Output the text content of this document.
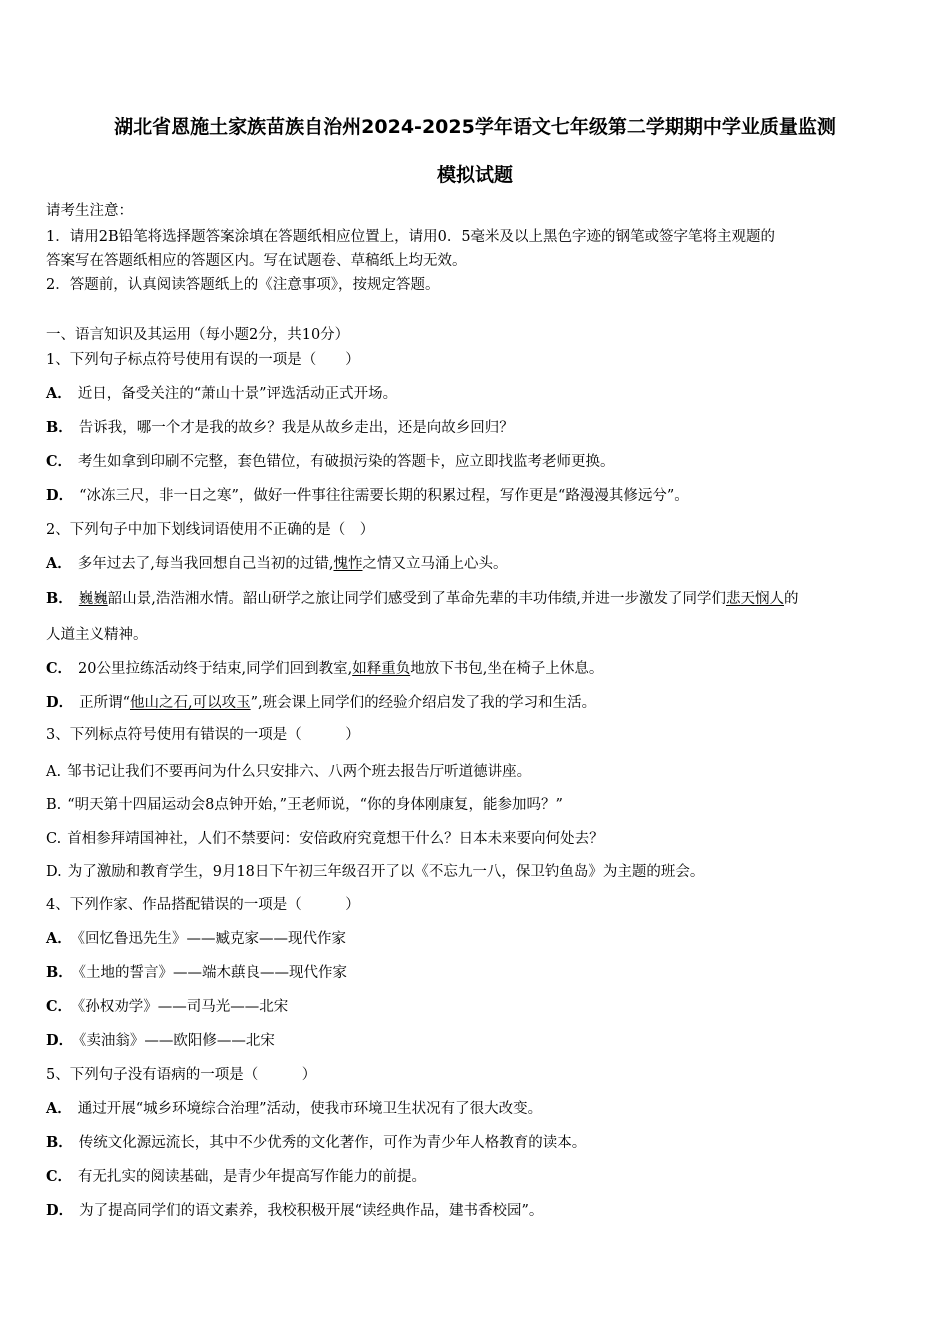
湖北省恩施土家族苗族自治州2024-2025学年语文七年级第二学期期中学业质量监测
模拟试题
请考生注意：
1．请用2B铅笔将选择题答案涂填在答题纸相应位置上，请用0．5毫米及以上黑色字迹的钢笔或签字笔将主观题的
答案写在答题纸相应的答题区内。写在试题卷、草稿纸上均无效。
2．答题前，认真阅读答题纸上的《注意事项》，按规定答题。
一、语言知识及其运用（每小题2分，共10分）
1、下列句子标点符号使用有误的一项是（　　）
A． 近日，备受关注的“萧山十景”评选活动正式开场。
B． 告诉我，哪一个才是我的故乡？我是从故乡走出，还是向故乡回归？
C． 考生如拿到印刷不完整，套色错位，有破损污染的答题卡，应立即找监考老师更换。
D． “冰冻三尺，非一日之寒”，做好一件事往往需要长期的积累过程，写作更是“路漫漫其修远兮”。
2、下列句子中加下划线词语使用不正确的是（　）
A． 多年过去了,每当我回想自己当初的过错,愧怍之情又立马涌上心头。
B． 巍巍韶山景,浩浩湘水情。韶山研学之旅让同学们感受到了革命先辈的丰功伟绩,并进一步激发了同学们悲天悯人的
人道主义精神。
C． 20公里拉练活动终于结束,同学们回到教室,如释重负地放下书包,坐在椅子上休息。
D． 正所谓“他山之石,可以攻玉”,班会课上同学们的经验介绍启发了我的学习和生活。
3、下列标点符号使用有错误的一项是（　　　）
A. 邹书记让我们不要再问为什么只安排六、八两个班去报告厅听道德讲座。
B. “明天第十四届运动会8点钟开始，”王老师说，“你的身体刚康复，能参加吗？”
C. 首相参拜靖国神社，人们不禁要问：安倍政府究竟想干什么？日本未来要向何处去？
D. 为了激励和教育学生，9月18日下午初三年级召开了以《不忘九一八，保卫钓鱼岛》为主题的班会。
4、下列作家、作品搭配错误的一项是（　　　）
A． 《回忆鲁迅先生》——臧克家——现代作家
B． 《土地的誓言》——端木蕻良——现代作家
C． 《孙权劝学》——司马光——北宋
D． 《卖油翁》——欧阳修——北宋
5、下列句子没有语病的一项是（　　　）
A． 通过开展“城乡环境综合治理”活动，使我市环境卫生状况有了很大改变。
B． 传统文化源远流长，其中不少优秀的文化著作，可作为青少年人格教育的读本。
C． 有无扎实的阅读基础，是青少年提高写作能力的前提。
D． 为了提高同学们的语文素养，我校积极开展“读经典作品，建书香校园”。
